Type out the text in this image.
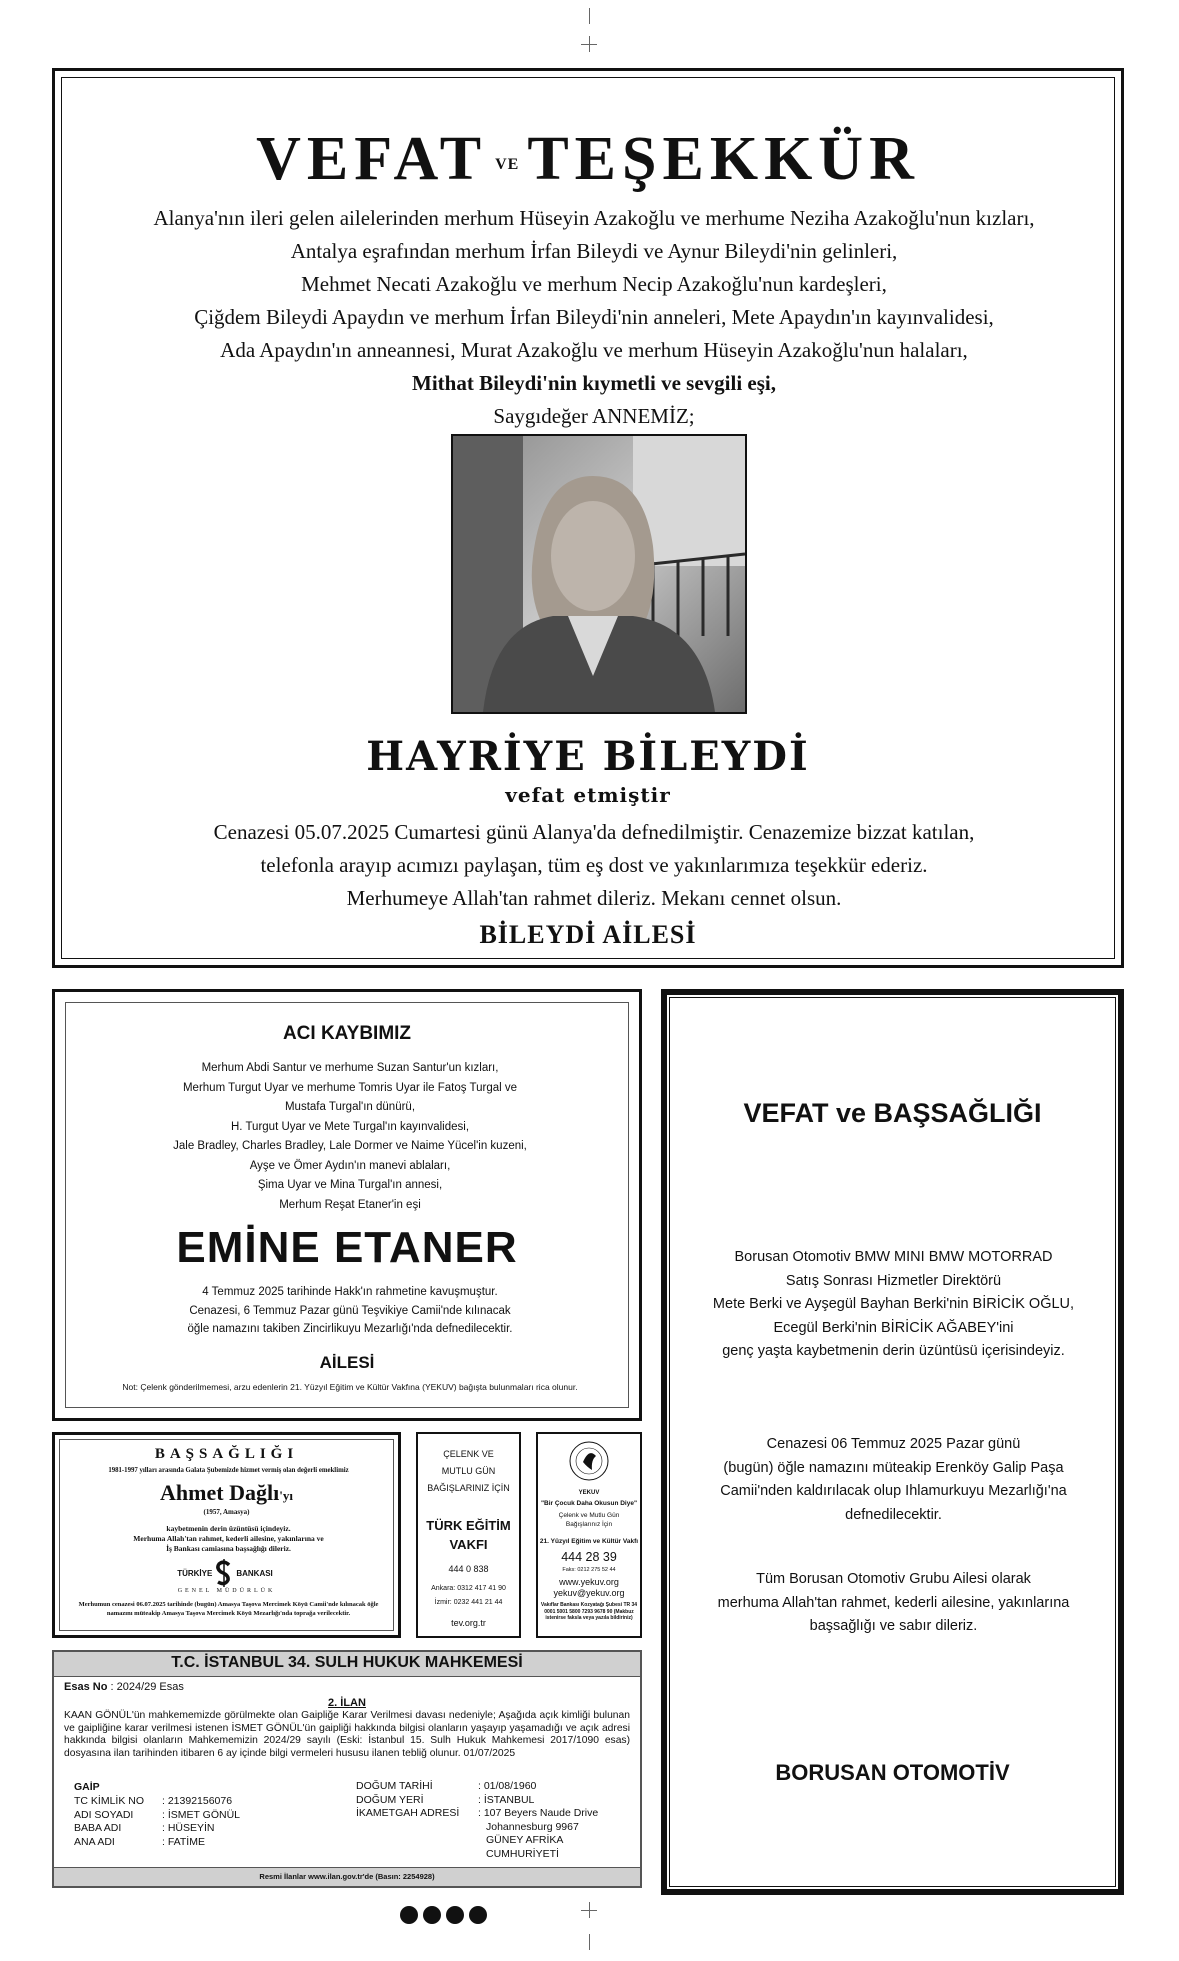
VEFAT VE TEŞEKKÜR
Alanya'nın ileri gelen ailelerinden merhum Hüseyin Azakoğlu ve merhume Neziha Azakoğlu'nun kızları,
Antalya eşrafından merhum İrfan Bileydi ve Aynur Bileydi'nin gelinleri,
Mehmet Necati Azakoğlu ve merhum Necip Azakoğlu'nun kardeşleri,
Çiğdem Bileydi Apaydın ve merhum İrfan Bileydi'nin anneleri, Mete Apaydın'ın kayınvalidesi,
Ada Apaydın'ın anneannesi, Murat Azakoğlu ve merhum Hüseyin Azakoğlu'nun halaları,
Mithat Bileydi'nin kıymetli ve sevgili eşi,
Saygıdeğer ANNEMİZ;
HAYRİYE BİLEYDİ
vefat etmiştir
Cenazesi 05.07.2025 Cumartesi günü Alanya'da defnedilmiştir. Cenazemize bizzat katılan,
telefonla arayıp acımızı paylaşan, tüm eş dost ve yakınlarımıza teşekkür ederiz.
Merhumeye Allah'tan rahmet dileriz. Mekanı cennet olsun.
BİLEYDİ AİLESİ
ACI KAYBIMIZ
Merhum Abdi Santur ve merhume Suzan Santur'un kızları,
Merhum Turgut Uyar ve merhume Tomris Uyar ile Fatoş Turgal ve
Mustafa Turgal'ın dünürü,
H. Turgut Uyar ve Mete Turgal'ın kayınvalidesi,
Jale Bradley, Charles Bradley, Lale Dormer ve Naime Yücel'in kuzeni,
Ayşe ve Ömer Aydın'ın manevi ablaları,
Şima Uyar ve Mina Turgal'ın annesi,
Merhum Reşat Etaner'in eşi
EMİNE ETANER
4 Temmuz 2025 tarihinde Hakk'ın rahmetine kavuşmuştur.
Cenazesi, 6 Temmuz Pazar günü Teşvikiye Camii'nde kılınacak
öğle namazını takiben Zincirlikuyu Mezarlığı'nda defnedilecektir.
AİLESİ
Not: Çelenk gönderilmemesi, arzu edenlerin 21. Yüzyıl Eğitim ve Kültür Vakfına (YEKUV) bağışta bulunmaları rica olunur.
VEFAT ve BAŞSAĞLIĞI
Borusan Otomotiv BMW MINI BMW MOTORRAD
Satış Sonrası Hizmetler Direktörü
Mete Berki ve Ayşegül Bayhan Berki'nin BİRİCİK OĞLU,
Ecegül Berki'nin BİRİCİK AĞABEY'ini
genç yaşta kaybetmenin derin üzüntüsü içerisindeyiz.
Cenazesi 06 Temmuz 2025 Pazar günü
(bugün) öğle namazını müteakip Erenköy Galip Paşa
Camii'nden kaldırılacak olup Ihlamurkuyu Mezarlığı'na
defnedilecektir.
Tüm Borusan Otomotiv Grubu Ailesi olarak
merhuma Allah'tan rahmet, kederli ailesine, yakınlarına
başsağlığı ve sabır dileriz.
BORUSAN OTOMOTİV
BAŞSAĞLIĞI
1981-1997 yılları arasında Galata Şubemizde hizmet vermiş olan değerli emeklimiz
Ahmet Dağlı'yı
(1957, Amasya)
kaybetmenin derin üzüntüsü içindeyiz.
Merhuma Allah'tan rahmet, kederli ailesine, yakınlarına ve
İş Bankası camiasına başsağlığı dileriz.
TÜRKİYE	BANKASI
GENEL MÜDÜRLÜK
Merhumun cenazesi 06.07.2025 tarihinde (bugün) Amasya Taşova Mercimek Köyü Camii'nde kılınacak öğle namazını müteakip Amasya Taşova Mercimek Köyü Mezarlığı'nda toprağa verilecektir.
ÇELENK VE
MUTLU GÜN
BAĞIŞLARINIZ İÇİN
TÜRK EĞİTİM
VAKFI
444 0 838
Ankara: 0312 417 41 90
İzmir: 0232 441 21 44
tev.org.tr
YEKUV
"Bir Çocuk Daha Okusun Diye"
Çelenk ve Mutlu Gün
Bağışlarınız İçin
21. Yüzyıl Eğitim ve Kültür Vakfı
444 28 39
Faks: 0212 275 52 44
www.yekuv.org
yekuv@yekuv.org
Vakıflar Bankası Kozyatağı Şubesi TR 34 0001 5001 5800 7293 9678 90 (Makbuz istenirse faksla veya yazıla bildiriniz)
T.C. İSTANBUL 34. SULH HUKUK MAHKEMESİ
Esas No : 2024/29 Esas
2. İLAN
KAAN GÖNÜL'ün mahkememizde görülmekte olan Gaipliğe Karar Verilmesi davası nedeniyle; Aşağıda açık kimliği bulunan ve gaipliğine karar verilmesi istenen İSMET GÖNÜL'ün gaipliği hakkında bilgisi olanların yaşayıp yaşamadığı ve açık adresi hakkında bilgisi olanların Mahkememizin 2024/29 sayılı (Eski: İstanbul 15. Sulh Hukuk Mahkemesi 2017/1090 esas) dosyasına ilan tarihinden itibaren 6 ay içinde bilgi vermeleri hususu ilanen tebliğ olunur. 01/07/2025
GAİP
TC KİMLİK NO : 21392156076
ADI SOYADI	: İSMET GÖNÜL
BABA ADI	: HÜSEYİN
ANA ADI	: FATİME
DOĞUM TARİHİ	: 01/08/1960
DOĞUM YERİ	: İSTANBUL
İKAMETGAH ADRESİ : 107 Beyers Naude Drive
Johannesburg 9967
GÜNEY AFRİKA
CUMHURİYETİ
Resmi İlanlar www.ilan.gov.tr'de (Basın: 2254928)
